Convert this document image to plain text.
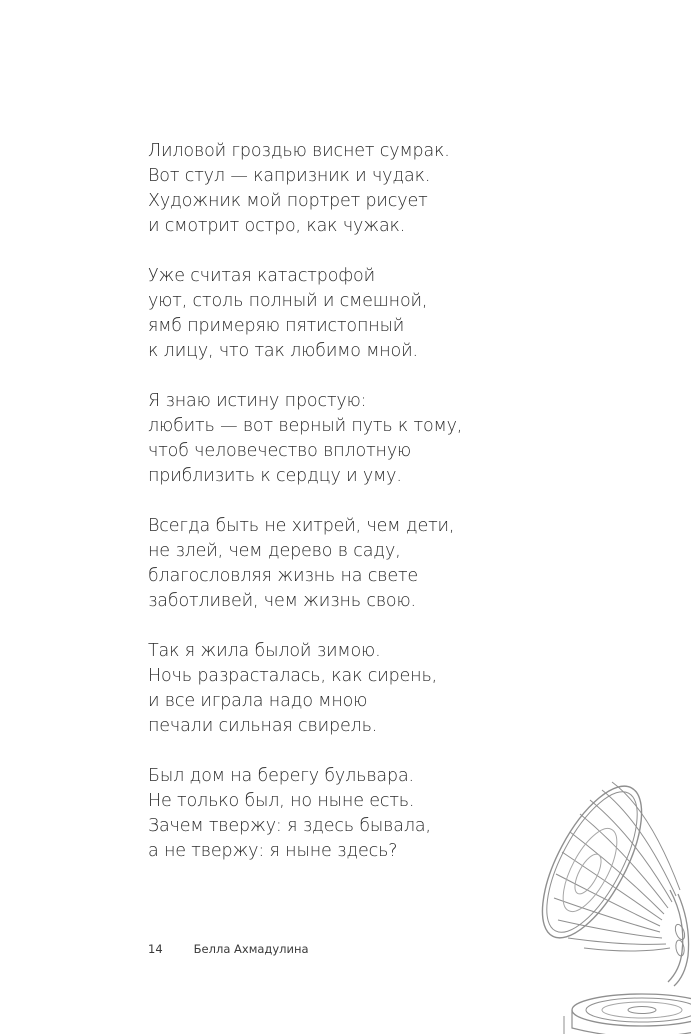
Лиловой гроздью виснет сумрак.
Вот стул — капризник и чудак.
Художник мой портрет рисует
и смотрит остро, как чужак.
Уже считая катастрофой
уют, столь полный и смешной,
ямб примеряю пятистопный
к лицу, что так любимо мной.
Я знаю истину простую:
любить — вот верный путь к тому,
чтоб человечество вплотную
приблизить к сердцу и уму.
Всегда быть не хитрей, чем дети,
не злей, чем дерево в саду,
благословляя жизнь на свете
заботливей, чем жизнь свою.
Так я жила былой зимою.
Ночь разрасталась, как сирень,
и все играла надо мною
печали сильная свирель.
Был дом на берегу бульвара.
Не только был, но ныне есть.
Зачем твержу: я здесь бывала,
а не твержу: я ныне здесь?
14	Белла Ахмадулина
